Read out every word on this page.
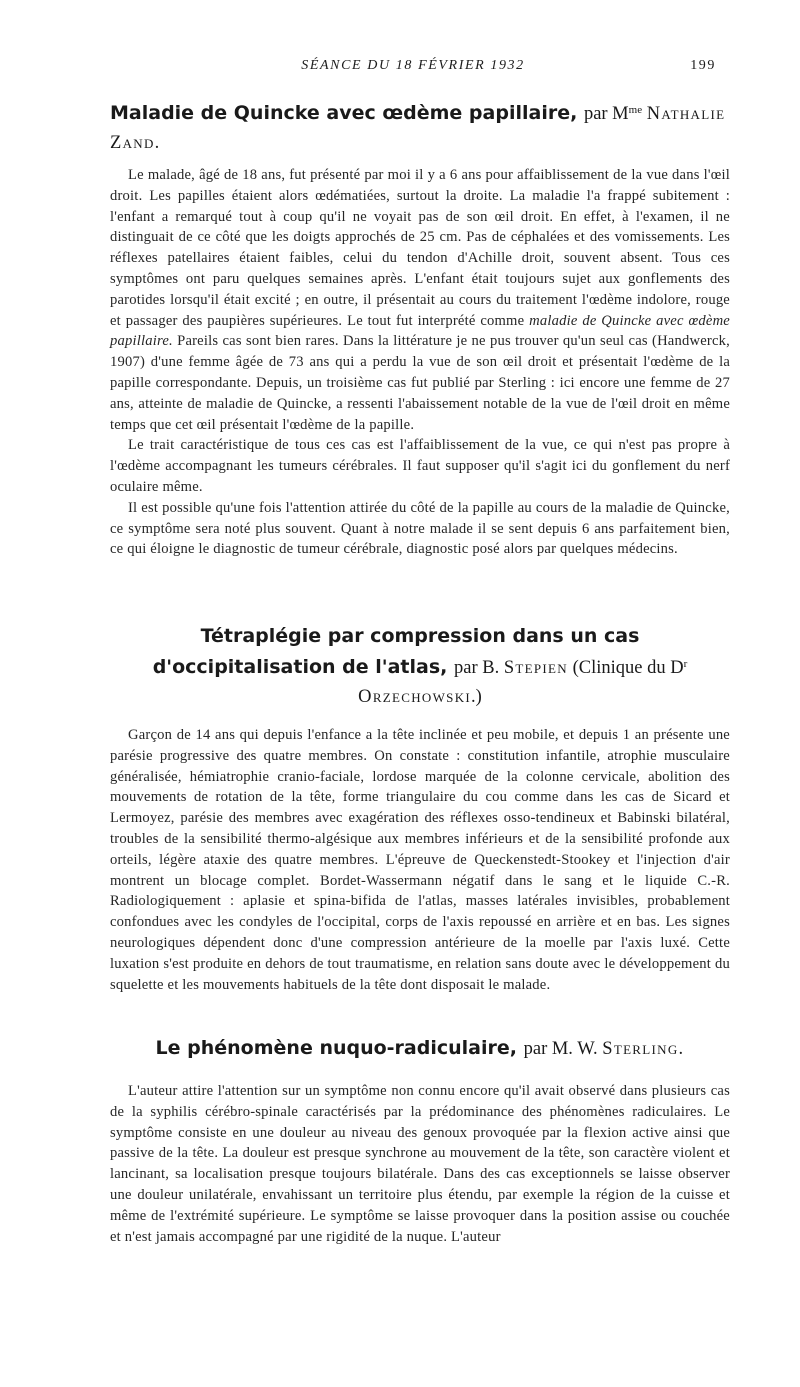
SÉANCE DU 18 FÉVRIER 1932	199
Maladie de Quincke avec œdème papillaire, par $M^{me}$ Nathalie Zand.

Le malade, âgé de 18 ans, fut présenté par moi il y a 6 ans pour affaiblissement de la vue dans l'œil droit. Les papilles étaient alors œdématiées, surtout la droite. La maladie l'a frappé subitement : l'enfant a remarqué tout à coup qu'il ne voyait pas de son œil droit. En effet, à l'examen, il ne distinguait de ce côté que les doigts approchés de 25 cm. Pas de céphalées et des vomissements. Les réflexes patellaires étaient faibles, celui du tendon d'Achille droit, souvent absent. Tous ces symptômes ont paru quelques semaines après. L'enfant était toujours sujet aux gonflements des parotides lorsqu'il était excité ; en outre, il présentait au cours du traitement l'œdème indolore, rouge et passager des paupières supérieures. Le tout fut interprété comme maladie de Quincke avec œdème papillaire. Pareils cas sont bien rares. Dans la littérature je ne pus trouver qu'un seul cas (Handwerck, 1907) d'une femme âgée de 73 ans qui a perdu la vue de son œil droit et présentait l'œdème de la papille correspondante. Depuis, un troisième cas fut publié par Sterling : ici encore une femme de 27 ans, atteinte de maladie de Quincke, a ressenti l'abaissement notable de la vue de l'œil droit en même temps que cet œil présentait l'œdème de la papille.

Le trait caractéristique de tous ces cas est l'affaiblissement de la vue, ce qui n'est pas propre à l'œdème accompagnant les tumeurs cérébrales. Il faut supposer qu'il s'agit ici du gonflement du nerf oculaire même.

Il est possible qu'une fois l'attention attirée du côté de la papille au cours de la maladie de Quincke, ce symptôme sera noté plus souvent. Quant à notre malade il se sent depuis 6 ans parfaitement bien, ce qui éloigne le diagnostic de tumeur cérébrale, diagnostic posé alors par quelques médecins.

Tétraplégie par compression dans un cas d'occipitalisation de l'atlas, par B. Stepien (Clinique du $D^r$ Orzechowski.)

Garçon de 14 ans qui depuis l'enfance a la tête inclinée et peu mobile, et depuis 1 an présente une parésie progressive des quatre membres. On constate : constitution infantile, atrophie musculaire généralisée, hémiatrophie cranio-faciale, lordose marquée de la colonne cervicale, abolition des mouvements de rotation de la tête, forme triangulaire du cou comme dans les cas de Sicard et Lermoyez, parésie des membres avec exagération des réflexes osso-tendineux et Babinski bilatéral, troubles de la sensibilité thermo-algésique aux membres inférieurs et de la sensibilité profonde aux orteils, légère ataxie des quatre membres. L'épreuve de Queckenstedt-Stookey et l'injection d'air montrent un blocage complet. Bordet-Wassermann négatif dans le sang et le liquide C.-R. Radiologiquement : aplasie et spina-bifida de l'atlas, masses latérales invisibles, probablement confondues avec les condyles de l'occipital, corps de l'axis repoussé en arrière et en bas. Les signes neurologiques dépendent donc d'une compression antérieure de la moelle par l'axis luxé. Cette luxation s'est produite en dehors de tout traumatisme, en relation sans doute avec le développement du squelette et les mouvements habituels de la tête dont disposait le malade.

Le phénomène nuquo-radiculaire, par M. W. Sterling.

L'auteur attire l'attention sur un symptôme non connu encore qu'il avait observé dans plusieurs cas de la syphilis cérébro-spinale caractérisés par la prédominance des phénomènes radiculaires. Le symptôme consiste en une douleur au niveau des genoux provoquée par la flexion active ainsi que passive de la tête. La douleur est presque synchrone au mouvement de la tête, son caractère violent et lancinant, sa localisation presque toujours bilatérale. Dans des cas exceptionnels se laisse observer une douleur unilatérale, envahissant un territoire plus étendu, par exemple la région de la cuisse et même de l'extrémité supérieure. Le symptôme se laisse provoquer dans la position assise ou couchée et n'est jamais accompagné par une rigidité de la nuque. L'auteur
